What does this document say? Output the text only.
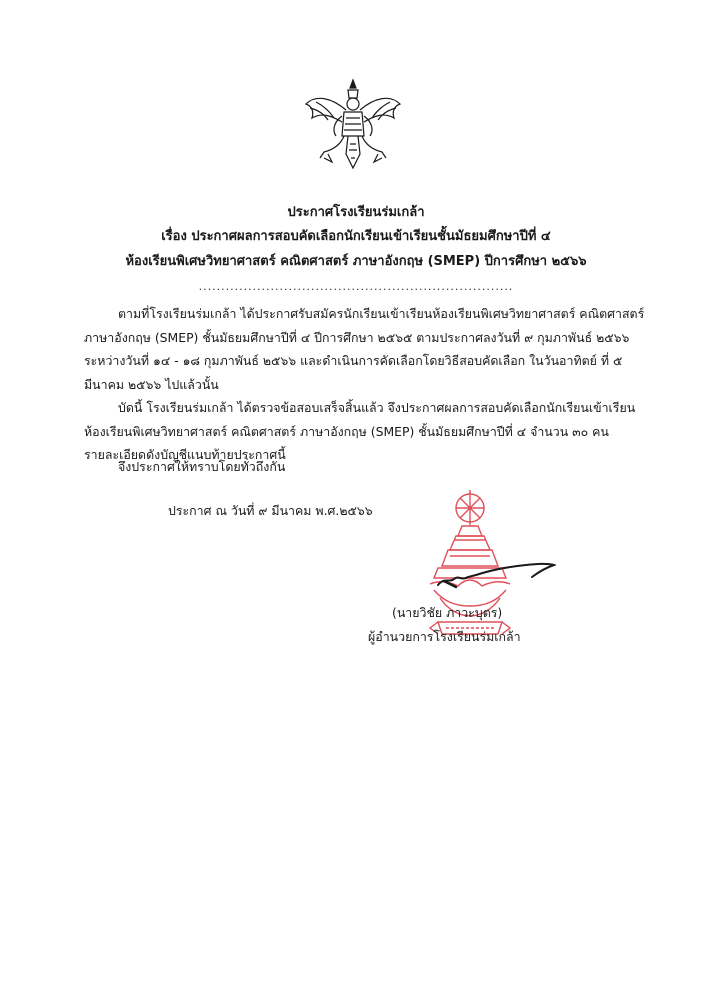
ประกาศโรงเรียนร่มเกล้า
เรื่อง ประกาศผลการสอบคัดเลือกนักเรียนเข้าเรียนชั้นมัธยมศึกษาปีที่ ๔
ห้องเรียนพิเศษวิทยาศาสตร์ คณิตศาสตร์ ภาษาอังกฤษ (SMEP) ปีการศึกษา ๒๕๖๖
......................................................................
ตามที่โรงเรียนร่มเกล้า ได้ประกาศรับสมัครนักเรียนเข้าเรียนห้องเรียนพิเศษวิทยาศาสตร์ คณิตศาสตร์
ภาษาอังกฤษ (SMEP) ชั้นมัธยมศึกษาปีที่ ๔ ปีการศึกษา ๒๕๖๕ ตามประกาศลงวันที่ ๙ กุมภาพันธ์ ๒๕๖๖
ระหว่างวันที่ ๑๔ - ๑๘ กุมภาพันธ์ ๒๕๖๖ และดำเนินการคัดเลือกโดยวิธีสอบคัดเลือก ในวันอาทิตย์ ที่ ๕
มีนาคม ๒๕๖๖ ไปแล้วนั้น
บัดนี้ โรงเรียนร่มเกล้า ได้ตรวจข้อสอบเสร็จสิ้นแล้ว จึงประกาศผลการสอบคัดเลือกนักเรียนเข้าเรียน
ห้องเรียนพิเศษวิทยาศาสตร์ คณิตศาสตร์ ภาษาอังกฤษ (SMEP) ชั้นมัธยมศึกษาปีที่ ๔ จำนวน ๓๐ คน
รายละเอียดดังบัญชีแนบท้ายประกาศนี้
จึงประกาศให้ทราบโดยทั่วถึงกัน
ประกาศ ณ วันที่ ๙ มีนาคม พ.ศ.๒๕๖๖
(นายวิชัย ภาวะบุตร)
ผู้อำนวยการโรงเรียนร่มเกล้า
